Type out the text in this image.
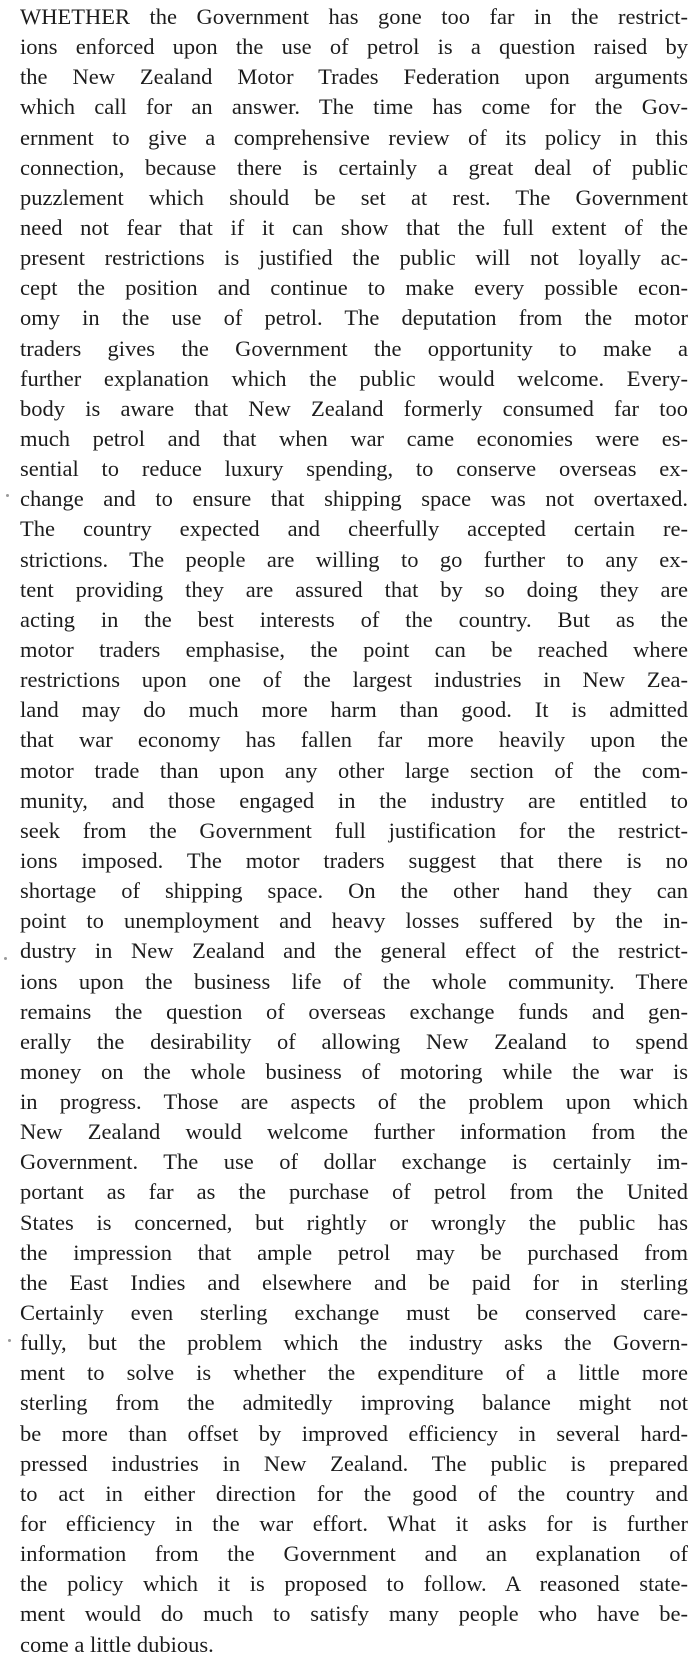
WHETHER the Government has gone too far in the restrict-
ions enforced upon the use of petrol is a question raised by
the New Zealand Motor Trades Federation upon arguments
which call for an answer. The time has come for the Gov-
ernment to give a comprehensive review of its policy in this
connection, because there is certainly a great deal of public
puzzlement which should be set at rest. The Government
need not fear that if it can show that the full extent of the
present restrictions is justified the public will not loyally ac-
cept the position and continue to make every possible econ-
omy in the use of petrol. The deputation from the motor
traders gives the Government the opportunity to make a
further explanation which the public would welcome. Every-
body is aware that New Zealand formerly consumed far too
much petrol and that when war came economies were es-
sential to reduce luxury spending, to conserve overseas ex-
change and to ensure that shipping space was not overtaxed.
The country expected and cheerfully accepted certain re-
strictions. The people are willing to go further to any ex-
tent providing they are assured that by so doing they are
acting in the best interests of the country. But as the
motor traders emphasise, the point can be reached where
restrictions upon one of the largest industries in New Zea-
land may do much more harm than good. It is admitted
that war economy has fallen far more heavily upon the
motor trade than upon any other large section of the com-
munity, and those engaged in the industry are entitled to
seek from the Government full justification for the restrict-
ions imposed. The motor traders suggest that there is no
shortage of shipping space. On the other hand they can
point to unemployment and heavy losses suffered by the in-
dustry in New Zealand and the general effect of the restrict-
ions upon the business life of the whole community. There
remains the question of overseas exchange funds and gen-
erally the desirability of allowing New Zealand to spend
money on the whole business of motoring while the war is
in progress. Those are aspects of the problem upon which
New Zealand would welcome further information from the
Government. The use of dollar exchange is certainly im-
portant as far as the purchase of petrol from the United
States is concerned, but rightly or wrongly the public has
the impression that ample petrol may be purchased from
the East Indies and elsewhere and be paid for in sterling
Certainly even sterling exchange must be conserved care-
fully, but the problem which the industry asks the Govern-
ment to solve is whether the expenditure of a little more
sterling from the admitedly improving balance might not
be more than offset by improved efficiency in several hard-
pressed industries in New Zealand. The public is prepared
to act in either direction for the good of the country and
for efficiency in the war effort. What it asks for is further
information from the Government and an explanation of
the policy which it is proposed to follow. A reasoned state-
ment would do much to satisfy many people who have be-
come a little dubious.
